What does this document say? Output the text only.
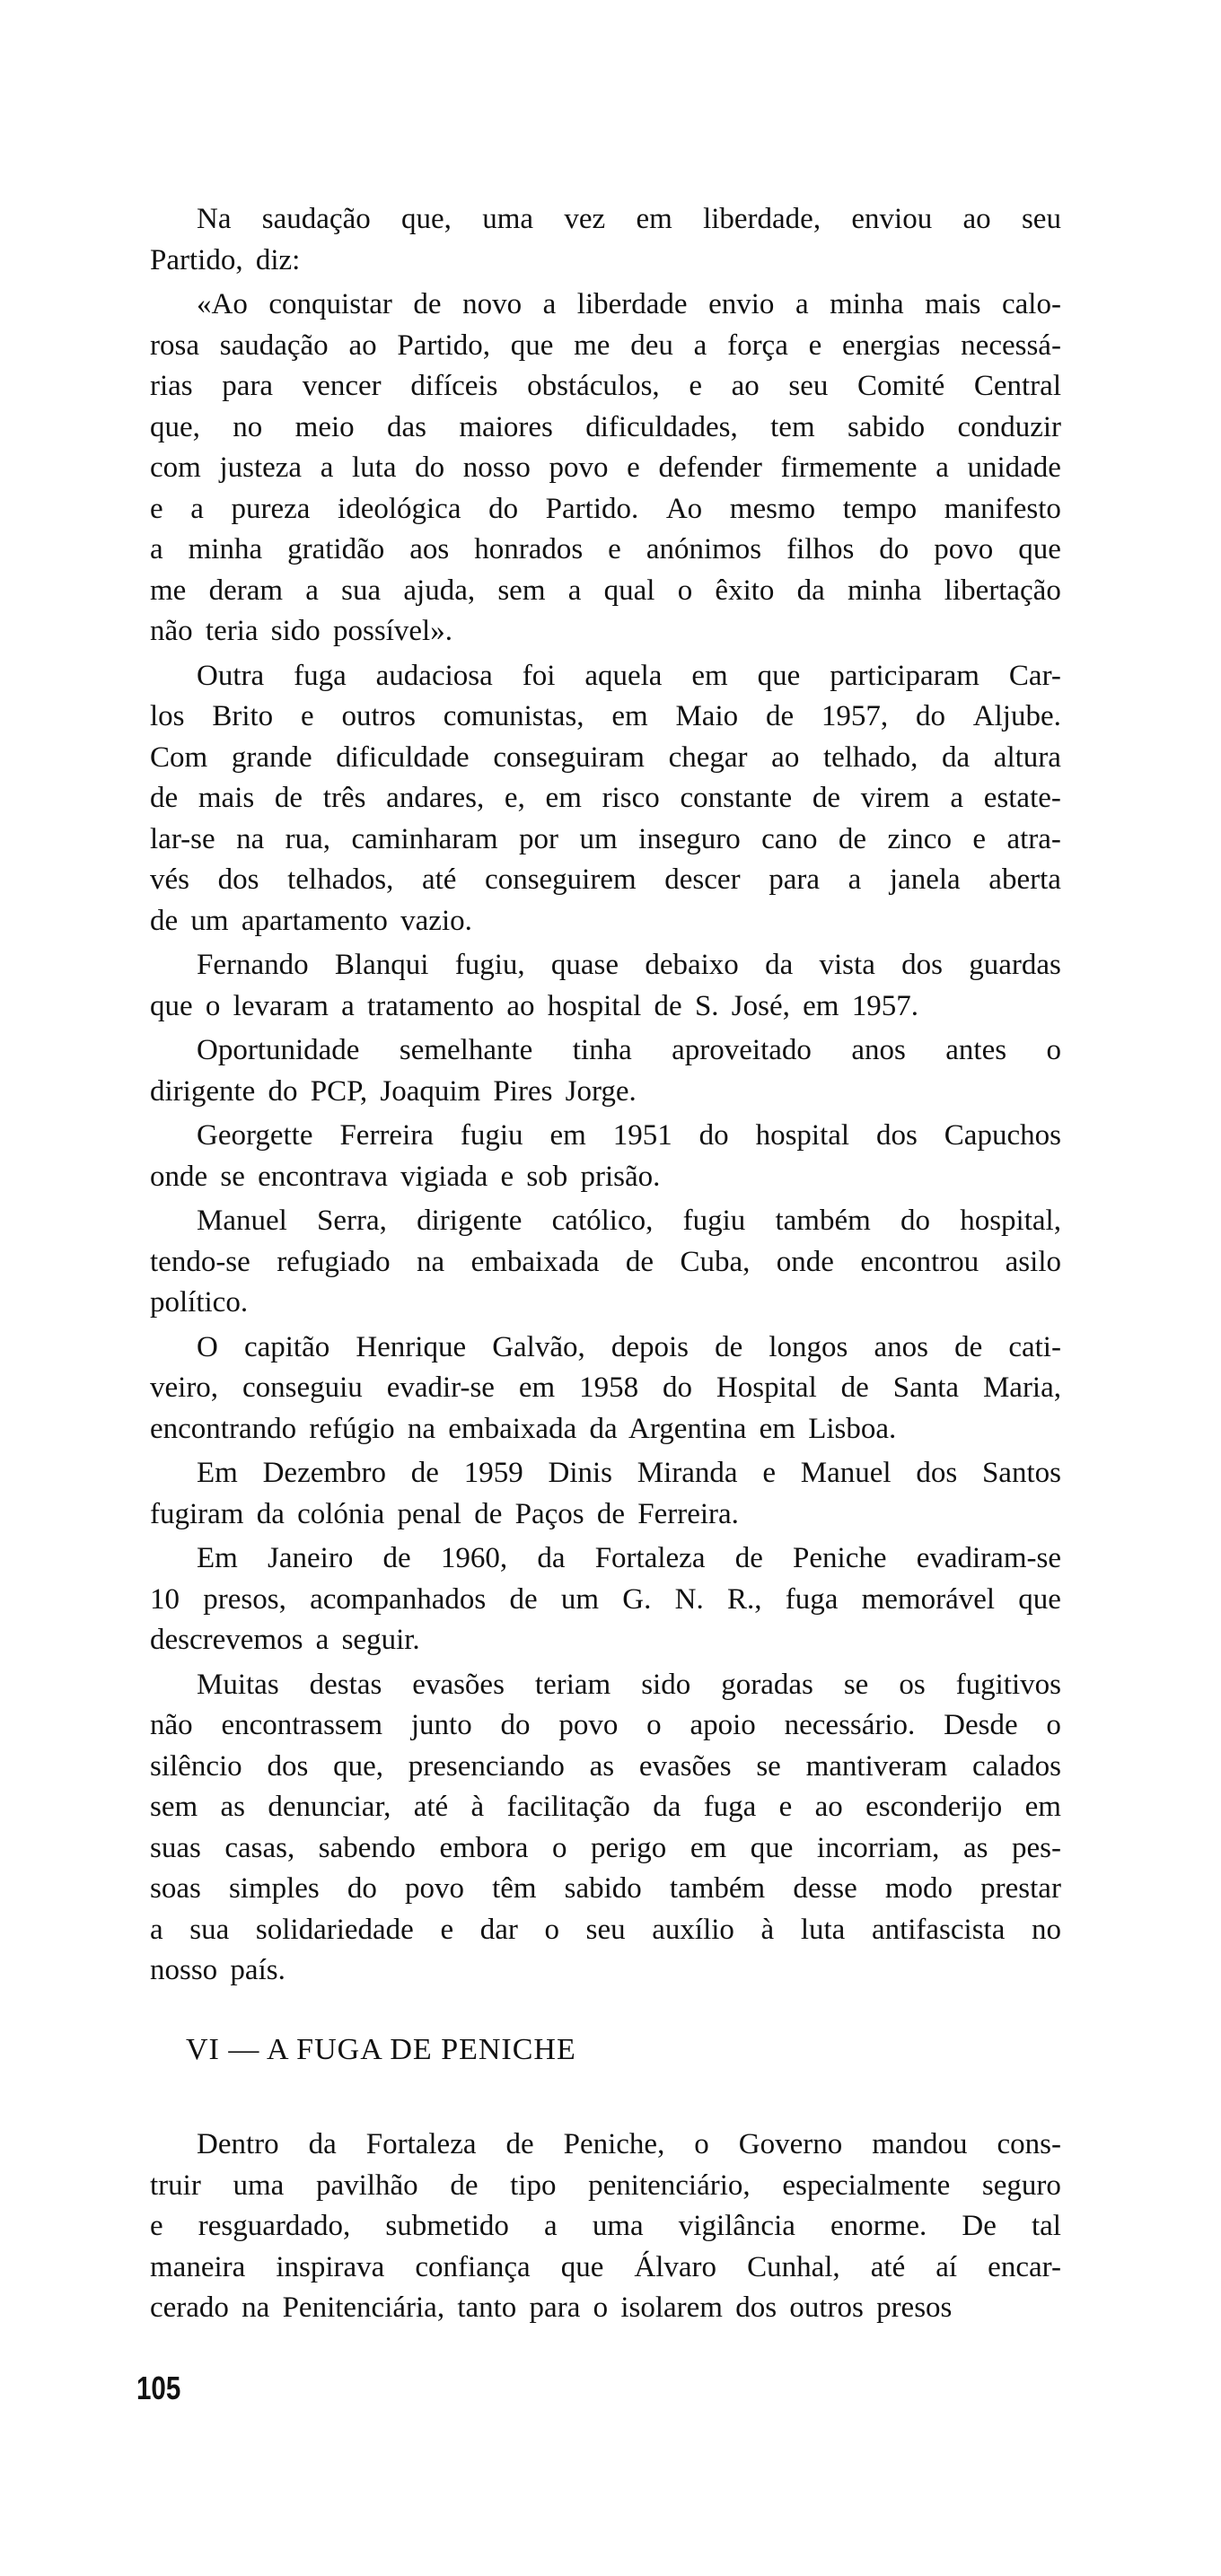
Na saudação que, uma vez em liberdade, enviou ao seu
Partido, diz:
«Ao conquistar de novo a liberdade envio a minha mais calo-
rosa saudação ao Partido, que me deu a força e energias necessá-
rias para vencer difíceis obstáculos, e ao seu Comité Central
que, no meio das maiores dificuldades, tem sabido conduzir
com justeza a luta do nosso povo e defender firmemente a unidade
e a pureza ideológica do Partido. Ao mesmo tempo manifesto
a minha gratidão aos honrados e anónimos filhos do povo que
me deram a sua ajuda, sem a qual o êxito da minha libertação
não teria sido possível».
Outra fuga audaciosa foi aquela em que participaram Car-
los Brito e outros comunistas, em Maio de 1957, do Aljube.
Com grande dificuldade conseguiram chegar ao telhado, da altura
de mais de três andares, e, em risco constante de virem a estate-
lar-se na rua, caminharam por um inseguro cano de zinco e atra-
vés dos telhados, até conseguirem descer para a janela aberta
de um apartamento vazio.
Fernando Blanqui fugiu, quase debaixo da vista dos guardas
que o levaram a tratamento ao hospital de S. José, em 1957.
Oportunidade semelhante tinha aproveitado anos antes o
dirigente do PCP, Joaquim Pires Jorge.
Georgette Ferreira fugiu em 1951 do hospital dos Capuchos
onde se encontrava vigiada e sob prisão.
Manuel Serra, dirigente católico, fugiu também do hospital,
tendo-se refugiado na embaixada de Cuba, onde encontrou asilo
político.
O capitão Henrique Galvão, depois de longos anos de cati-
veiro, conseguiu evadir-se em 1958 do Hospital de Santa Maria,
encontrando refúgio na embaixada da Argentina em Lisboa.
Em Dezembro de 1959 Dinis Miranda e Manuel dos Santos
fugiram da colónia penal de Paços de Ferreira.
Em Janeiro de 1960, da Fortaleza de Peniche evadiram-se
10 presos, acompanhados de um G. N. R., fuga memorável que
descrevemos a seguir.
Muitas destas evasões teriam sido goradas se os fugitivos
não encontrassem junto do povo o apoio necessário. Desde o
silêncio dos que, presenciando as evasões se mantiveram calados
sem as denunciar, até à facilitação da fuga e ao esconderijo em
suas casas, sabendo embora o perigo em que incorriam, as pes-
soas simples do povo têm sabido também desse modo prestar
a sua solidariedade e dar o seu auxílio à luta antifascista no
nosso país.
VI — A FUGA DE PENICHE
Dentro da Fortaleza de Peniche, o Governo mandou cons-
truir uma pavilhão de tipo penitenciário, especialmente seguro
e resguardado, submetido a uma vigilância enorme. De tal
maneira inspirava confiança que Álvaro Cunhal, até aí encar-
cerado na Penitenciária, tanto para o isolarem dos outros presos
105
